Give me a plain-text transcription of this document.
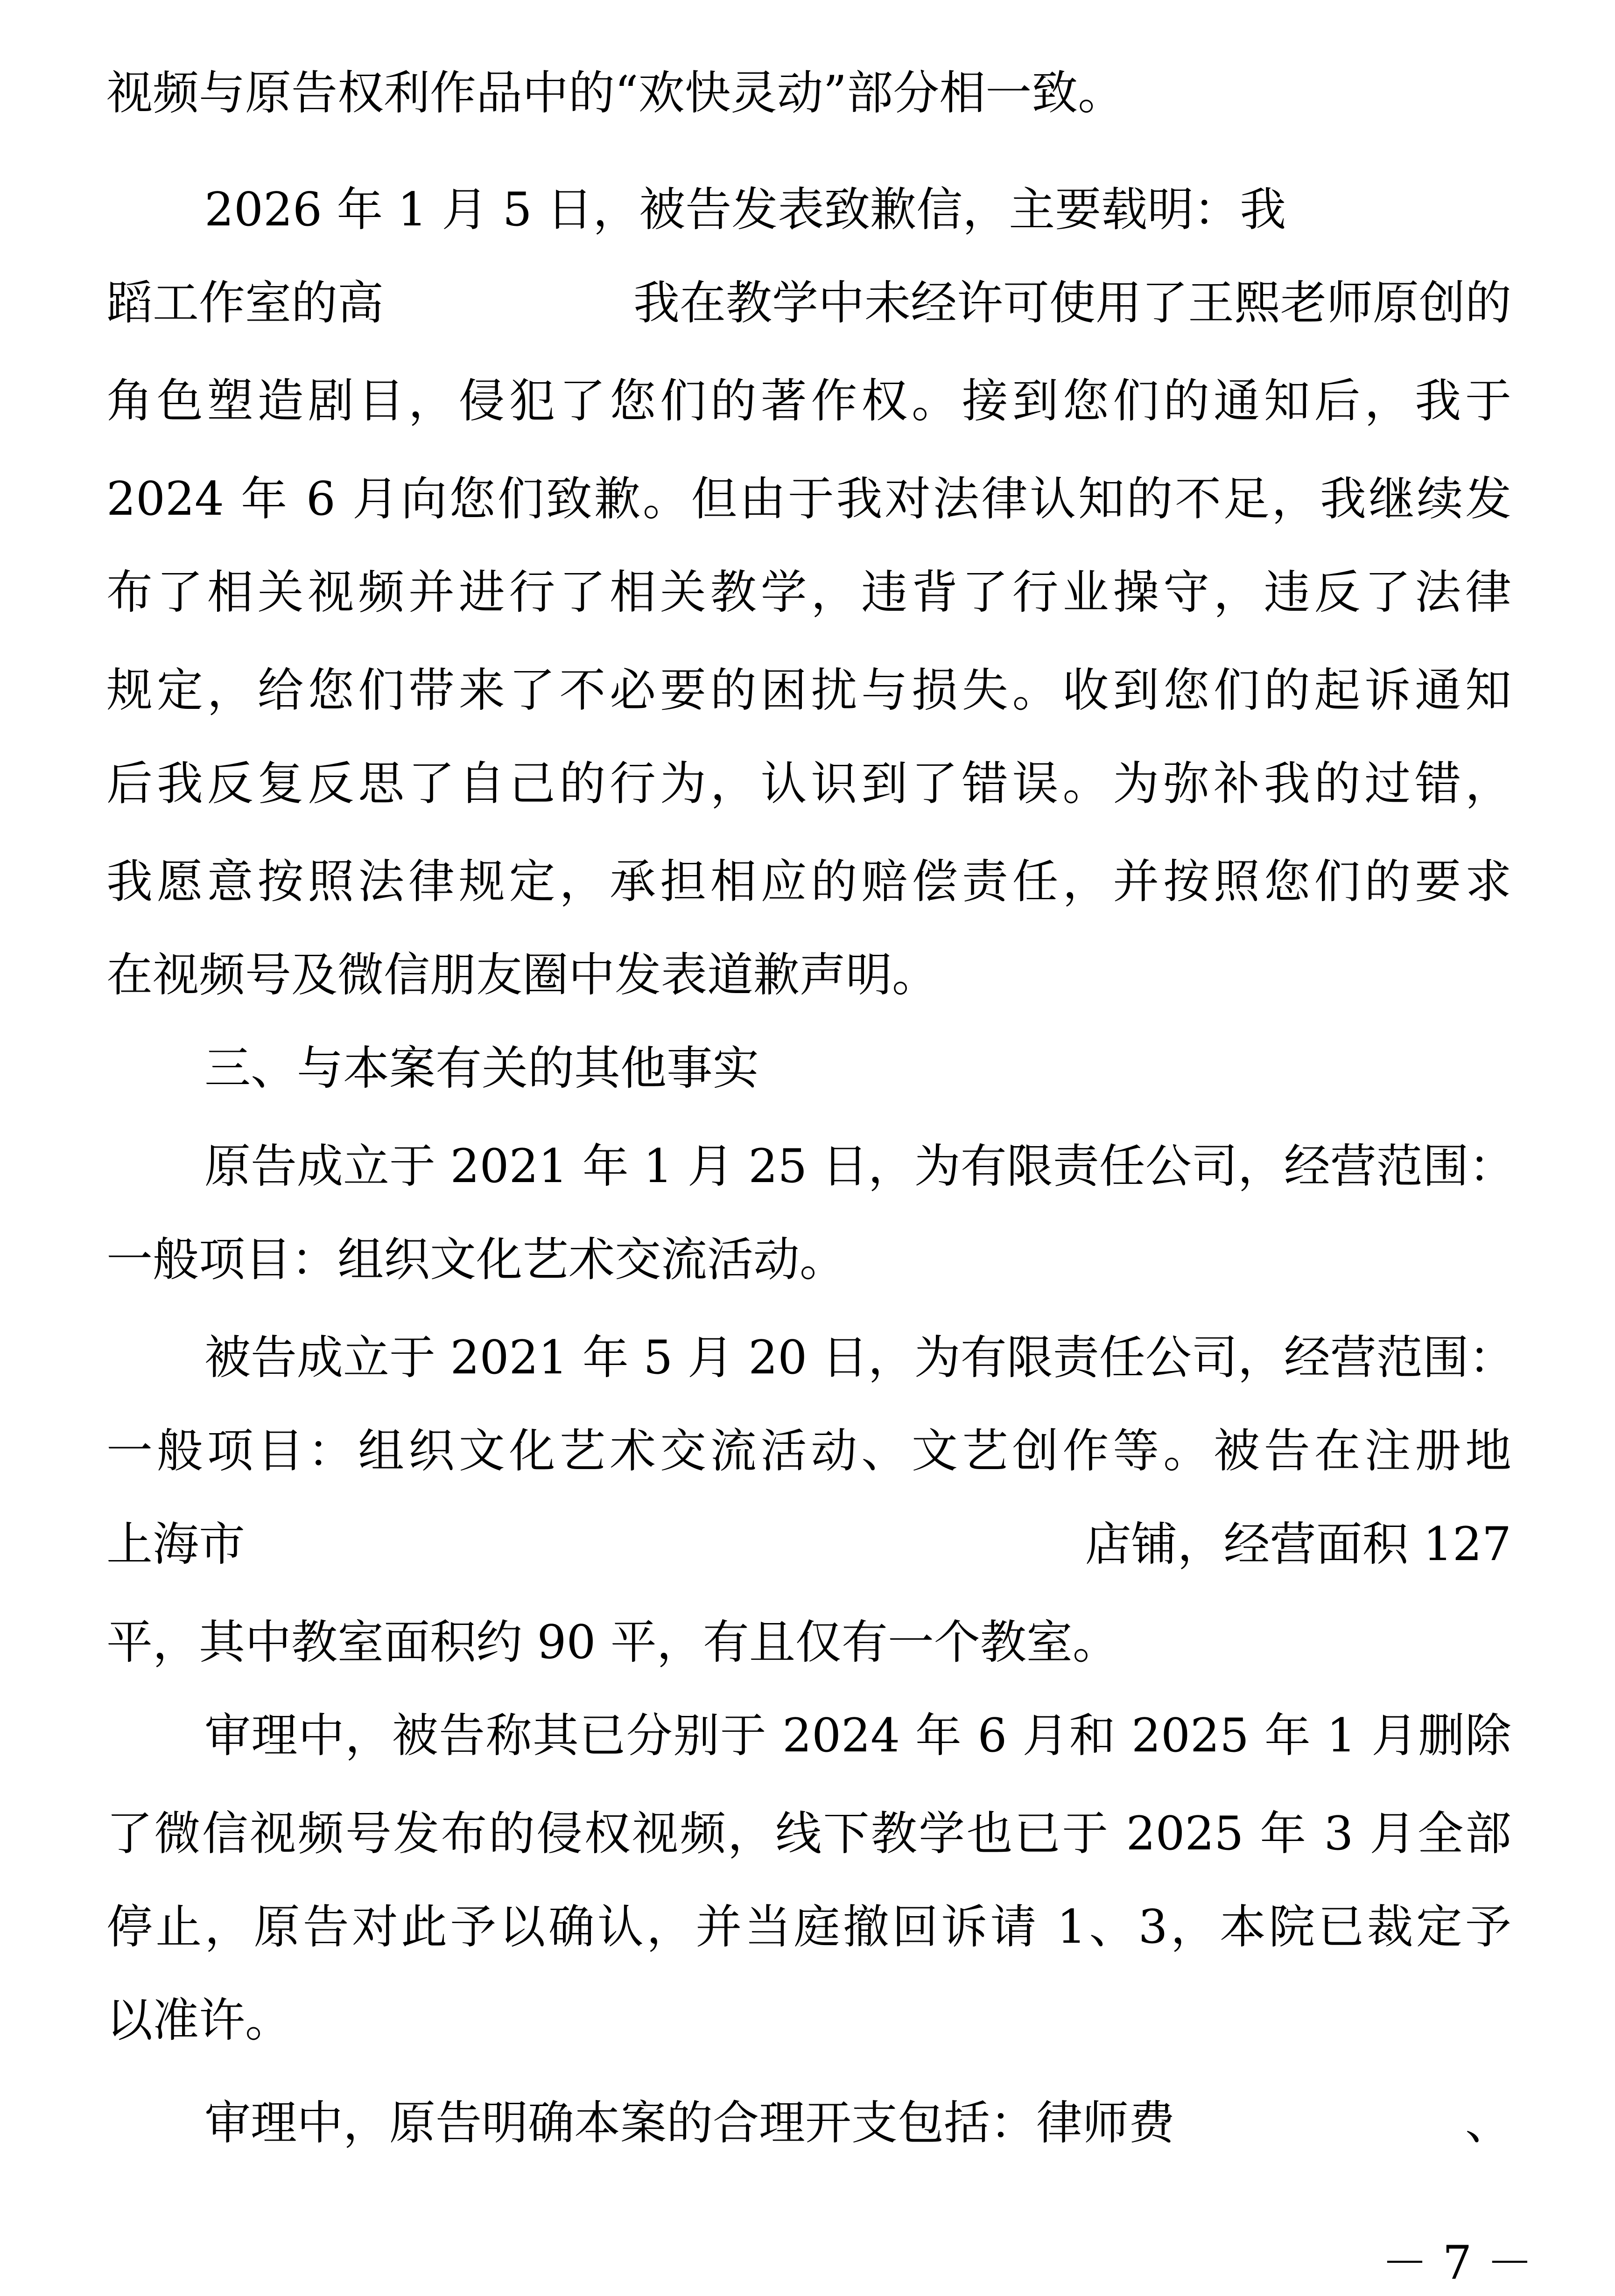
视频与原告权利作品中的“欢快灵动”部分相一致。
2026 年 1 月 5 日，被告发表致歉信，主要载明：我
蹈工作室的高	我在教学中未经许可使用了王熙老师原创的
角色塑造剧目，侵犯了您们的著作权。接到您们的通知后，我于
2024 年 6 月向您们致歉。但由于我对法律认知的不足，我继续发
布了相关视频并进行了相关教学，违背了行业操守，违反了法律
规定，给您们带来了不必要的困扰与损失。收到您们的起诉通知
后我反复反思了自己的行为，认识到了错误。为弥补我的过错，
我愿意按照法律规定，承担相应的赔偿责任，并按照您们的要求
在视频号及微信朋友圈中发表道歉声明。
三、与本案有关的其他事实
原告成立于 2021 年 1 月 25 日，为有限责任公司，经营范围：
一般项目：组织文化艺术交流活动。
被告成立于 2021 年 5 月 20 日，为有限责任公司，经营范围：
一般项目：组织文化艺术交流活动、文艺创作等。被告在注册地
上海市	店铺，经营面积 127
平，其中教室面积约 90 平，有且仅有一个教室。
审理中，被告称其已分别于 2024 年 6 月和 2025 年 1 月删除
了微信视频号发布的侵权视频，线下教学也已于 2025 年 3 月全部
停止，原告对此予以确认，并当庭撤回诉请 1、3，本院已裁定予
以准许。
审理中，原告明确本案的合理开支包括：律师费	、
－ 7 －
